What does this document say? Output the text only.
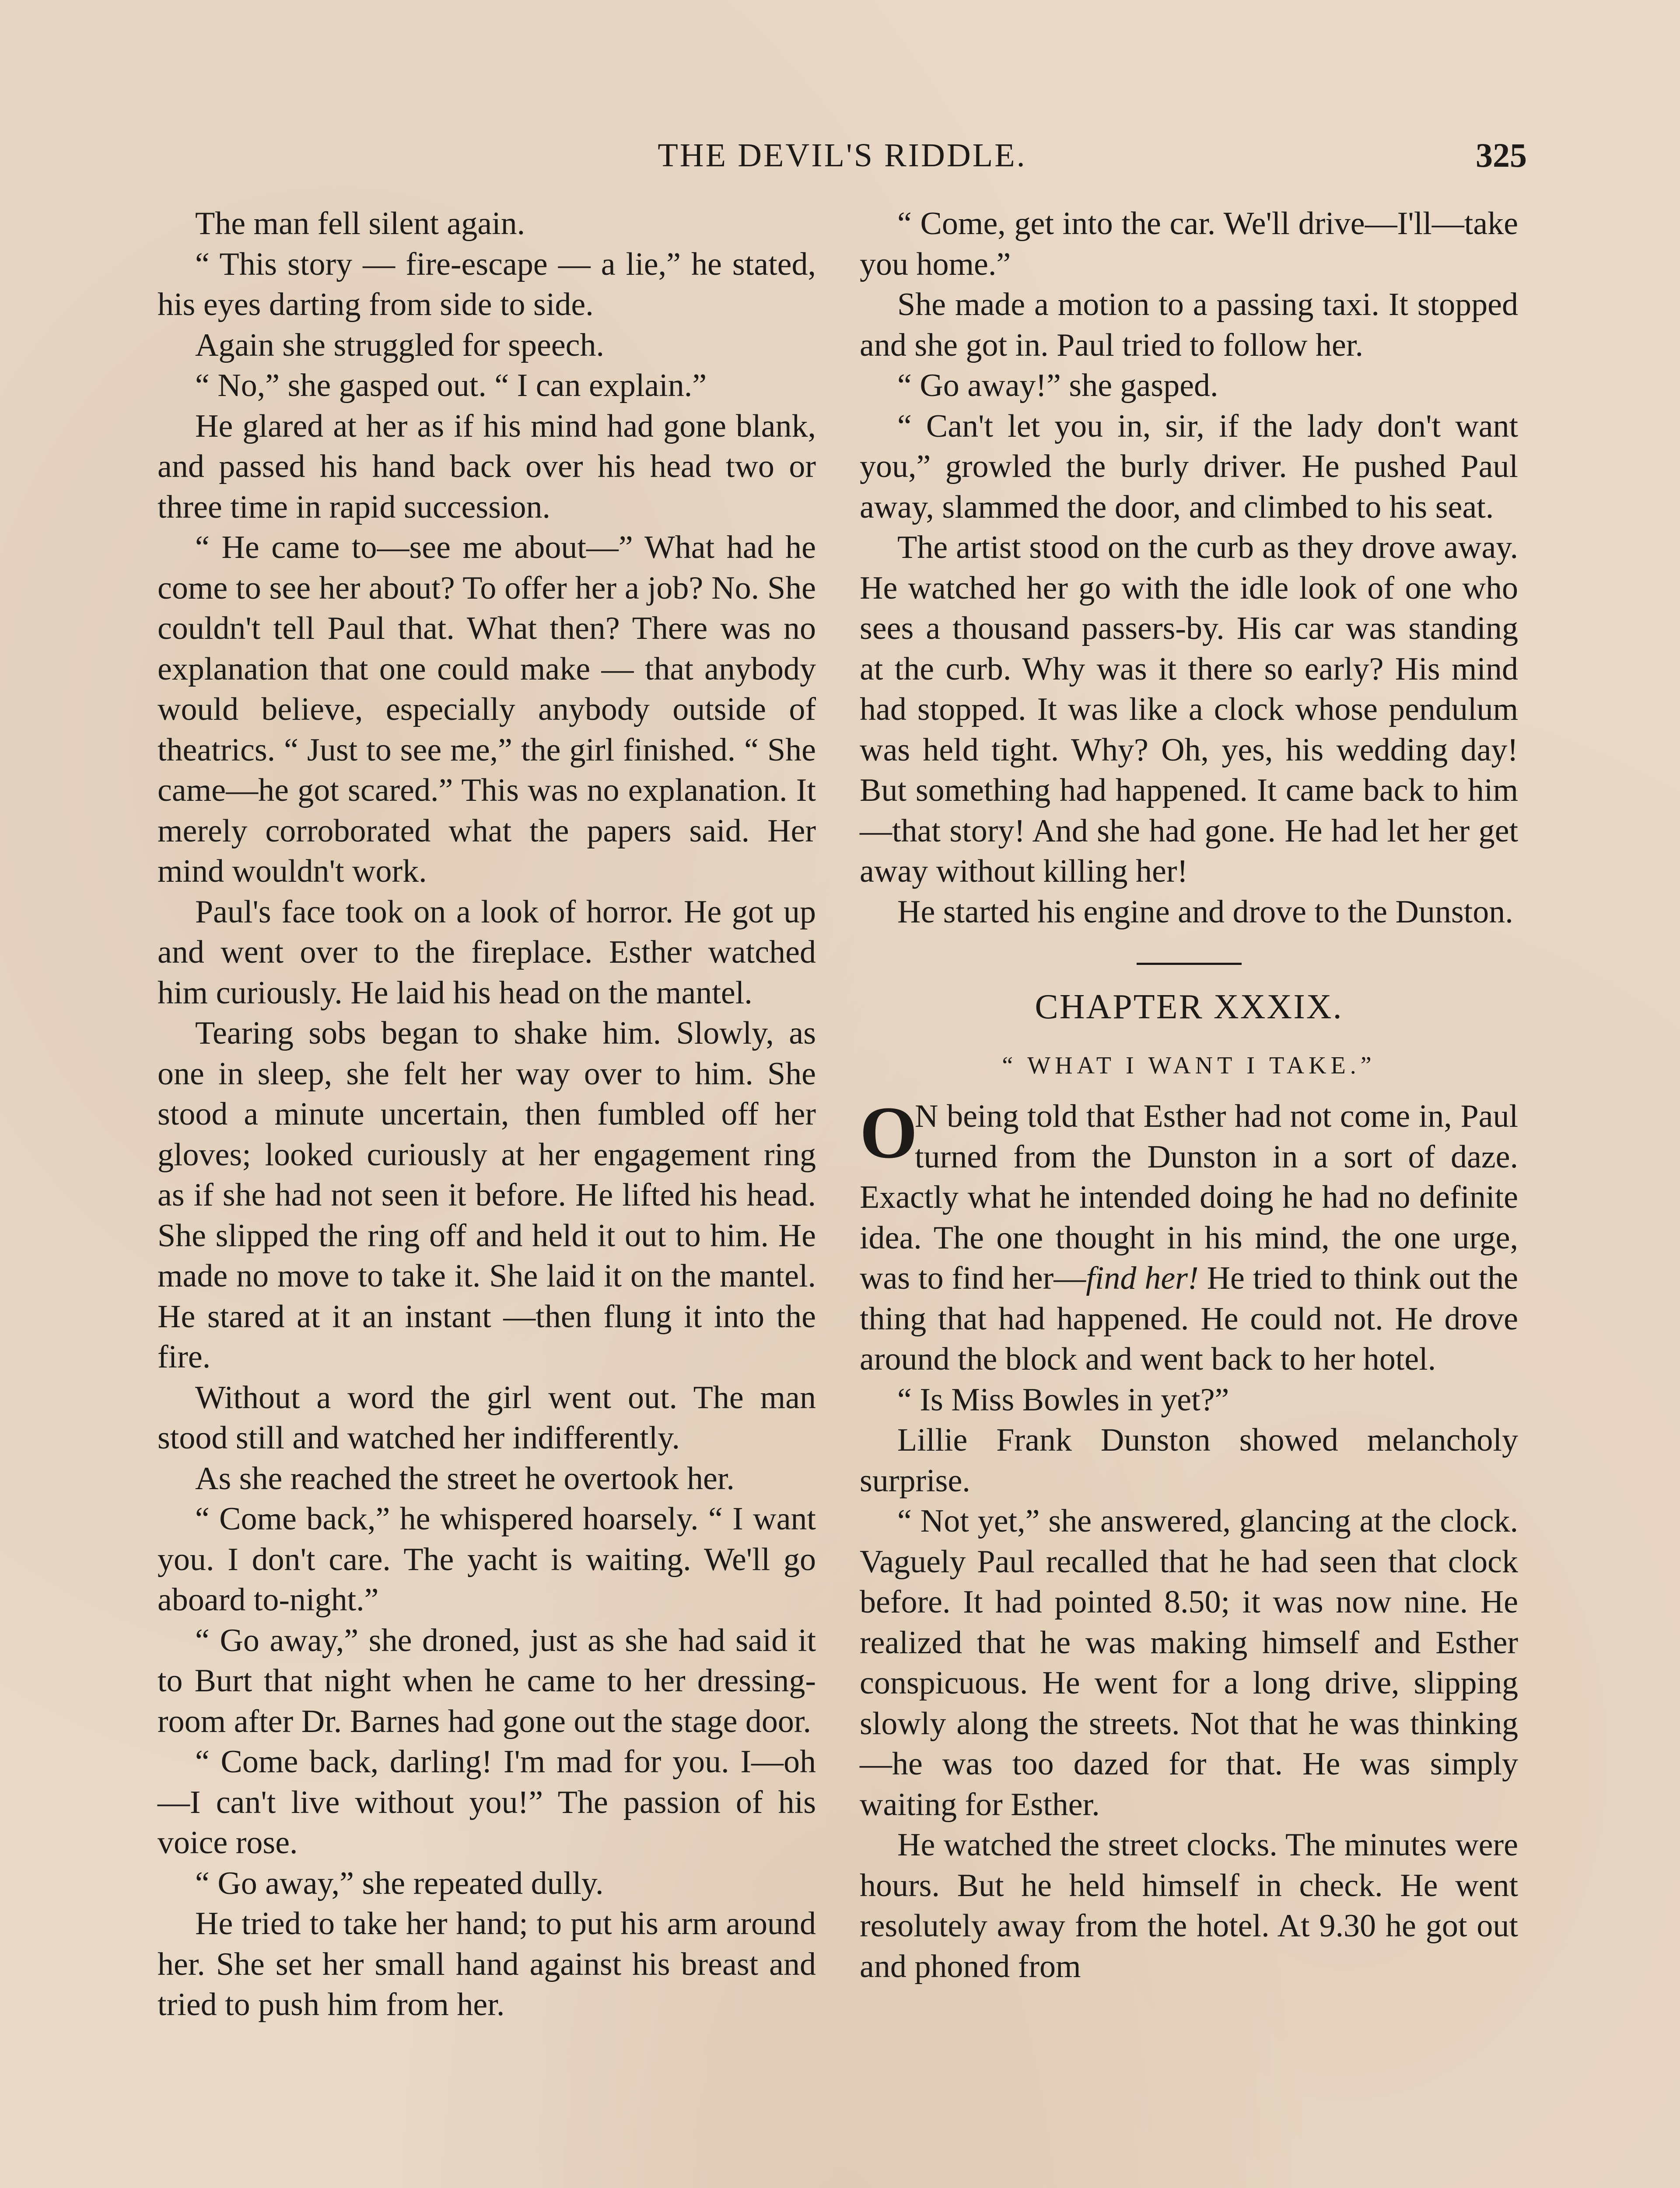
THE DEVIL'S RIDDLE.	325

The man fell silent again.

“ This story — fire-escape — a lie,” he stated, his eyes darting from side to side.

Again she struggled for speech.

“ No,” she gasped out. “ I can explain.”

He glared at her as if his mind had gone blank, and passed his hand back over his head two or three time in rapid succession.

“ He came to—see me about—” What had he come to see her about? To offer her a job? No. She couldn't tell Paul that. What then? There was no explanation that one could make — that anybody would believe, especially anybody outside of theatrics. “ Just to see me,” the girl finished. “ She came—he got scared.” This was no explanation. It merely corroborated what the papers said. Her mind wouldn't work.

Paul's face took on a look of horror. He got up and went over to the fireplace. Esther watched him curiously. He laid his head on the mantel.

Tearing sobs began to shake him. Slowly, as one in sleep, she felt her way over to him. She stood a minute uncertain, then fumbled off her gloves; looked curiously at her engagement ring as if she had not seen it before. He lifted his head. She slipped the ring off and held it out to him. He made no move to take it. She laid it on the mantel. He stared at it an instant —then flung it into the fire.

Without a word the girl went out. The man stood still and watched her indifferently.

As she reached the street he overtook her.

“ Come back,” he whispered hoarsely. “ I want you. I don't care. The yacht is waiting. We'll go aboard to-night.”

“ Go away,” she droned, just as she had said it to Burt that night when he came to her dressing-room after Dr. Barnes had gone out the stage door.

“ Come back, darling! I'm mad for you. I—oh—I can't live without you!” The passion of his voice rose.

“ Go away,” she repeated dully.

He tried to take her hand; to put his arm around her. She set her small hand against his breast and tried to push him from her.

“ Come, get into the car. We'll drive—I'll—take you home.”

She made a motion to a passing taxi. It stopped and she got in. Paul tried to follow her.

“ Go away!” she gasped.

“ Can't let you in, sir, if the lady don't want you,” growled the burly driver. He pushed Paul away, slammed the door, and climbed to his seat.

The artist stood on the curb as they drove away. He watched her go with the idle look of one who sees a thousand passers-by. His car was standing at the curb. Why was it there so early? His mind had stopped. It was like a clock whose pendulum was held tight. Why? Oh, yes, his wedding day! But something had happened. It came back to him—that story! And she had gone. He had let her get away without killing her!

He started his engine and drove to the Dunston.

CHAPTER XXXIX.
“ WHAT I WANT I TAKE.”

O
N being told that Esther had not come in, Paul turned from the Dunston in a sort of daze. Exactly what he intended doing he had no definite idea. The one thought in his mind, the one urge, was to find her—find her! He tried to think out the thing that had happened. He could not. He drove around the block and went back to her hotel.

“ Is Miss Bowles in yet?”

Lillie Frank Dunston showed melancholy surprise.

“ Not yet,” she answered, glancing at the clock. Vaguely Paul recalled that he had seen that clock before. It had pointed 8.50; it was now nine. He realized that he was making himself and Esther conspicuous. He went for a long drive, slipping slowly along the streets. Not that he was thinking—he was too dazed for that. He was simply waiting for Esther.

He watched the street clocks. The minutes were hours. But he held himself in check. He went resolutely away from the hotel. At 9.30 he got out and phoned from
